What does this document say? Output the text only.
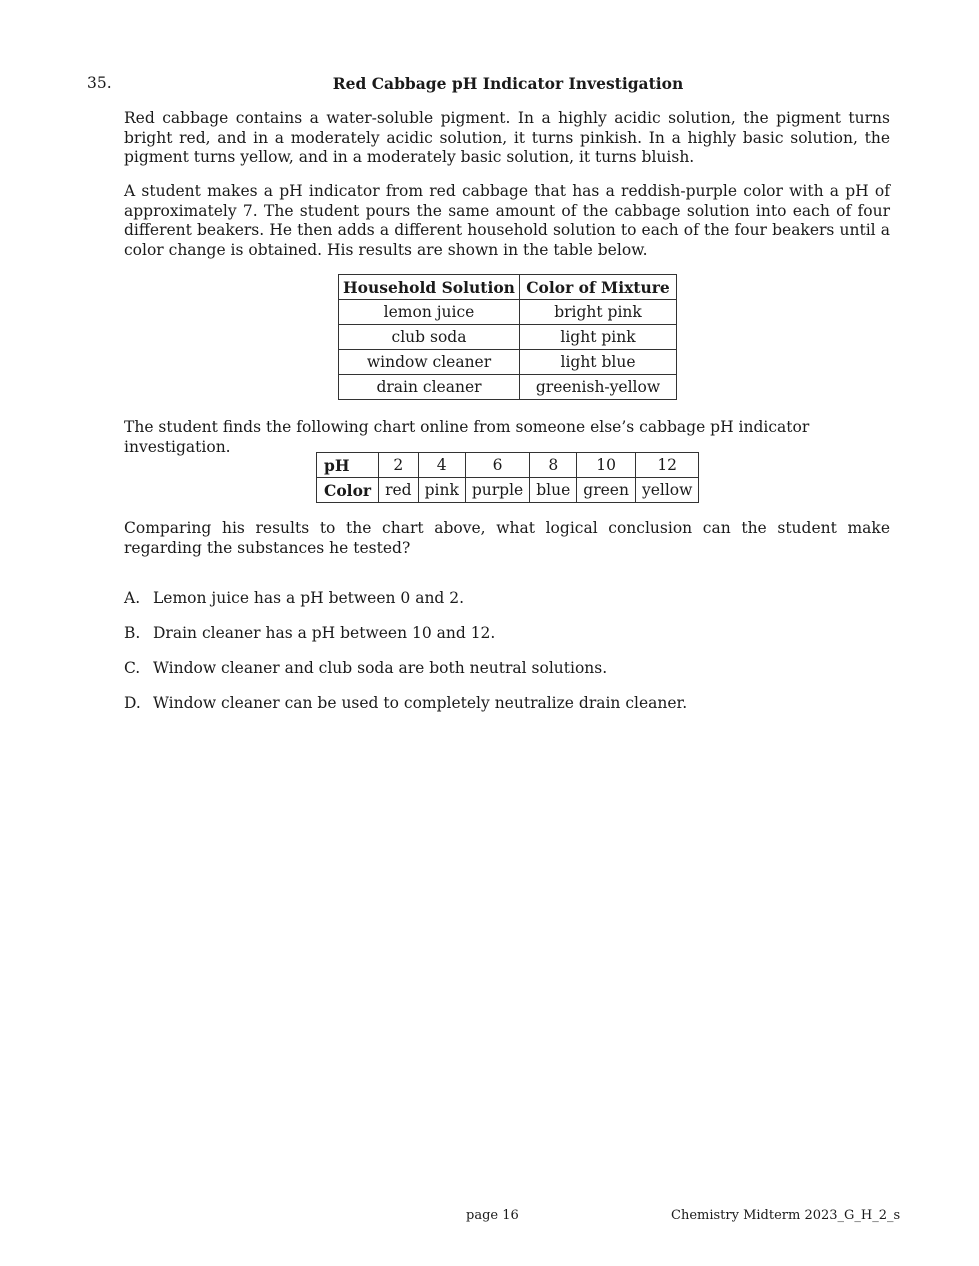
35.	Red Cabbage pH Indicator Investigation

Red cabbage contains a water-soluble pigment. In a highly acidic solution, the pigment turns bright red, and in a moderately acidic solution, it turns pinkish. In a highly basic solution, the pigment turns yellow, and in a moderately basic solution, it turns bluish.

A student makes a pH indicator from red cabbage that has a reddish-purple color with a pH of approximately 7. The student pours the same amount of the cabbage solution into each of four different beakers. He then adds a different household solution to each of the four beakers until a color change is obtained. His results are shown in the table below.

Household Solution	Color of Mixture
lemon juice	bright pink
club soda	light pink
window cleaner	light blue
drain cleaner	greenish-yellow

The student finds the following chart online from someone else’s cabbage pH indicator investigation.

pH	2	4	6	8	10	12
Color	red	pink	purple	blue	green	yellow

Comparing his results to the chart above, what logical conclusion can the student make regarding the substances he tested?

A. Lemon juice has a pH between 0 and 2.
B. Drain cleaner has a pH between 10 and 12.
C. Window cleaner and club soda are both neutral solutions.
D. Window cleaner can be used to completely neutralize drain cleaner.
page 16	Chemistry Midterm 2023_G_H_2_s
